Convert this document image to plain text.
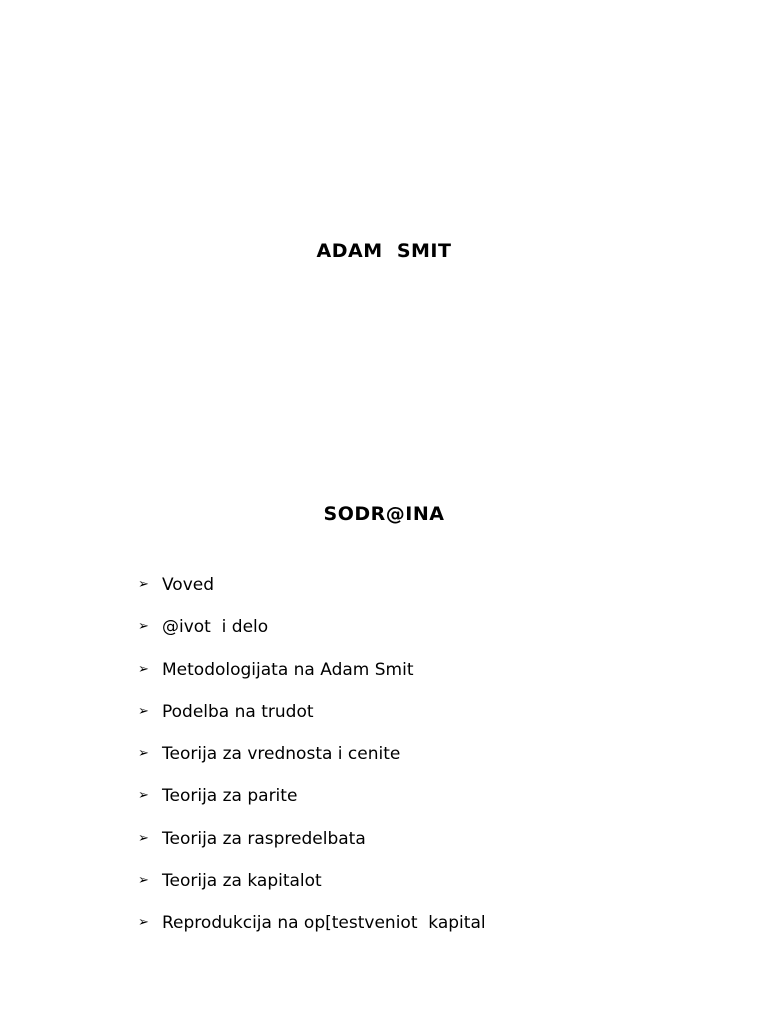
ADAM  SMIT
SODR@INA
➢ Voved
➢ @ivot  i delo
➢ Metodologijata na Adam Smit
➢ Podelba na trudot
➢ Teorija za vrednosta i cenite
➢ Teorija za parite
➢ Teorija za raspredelbata
➢ Teorija za kapitalot
➢ Reprodukcija na op[testveniot  kapital
